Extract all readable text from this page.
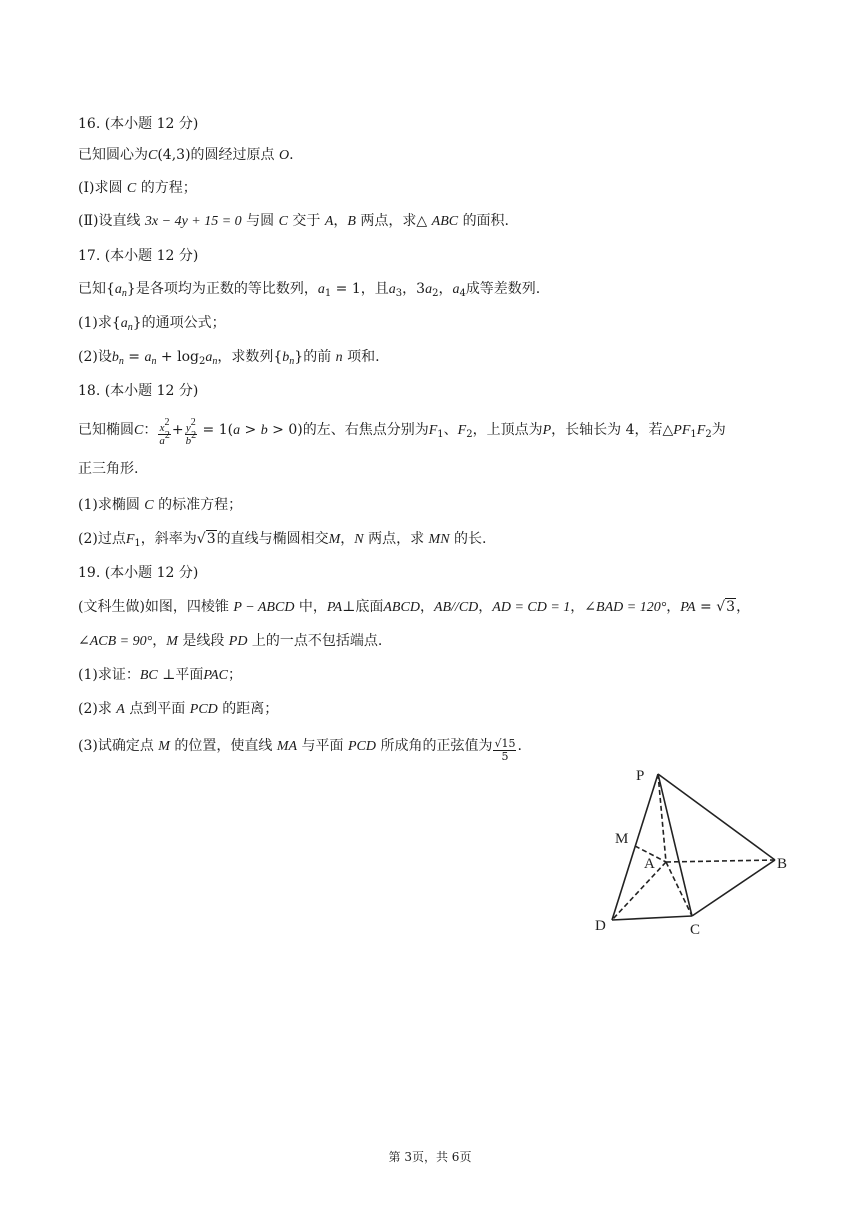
16. (本小题 12 分)
已知圆心为C(4,3)的圆经过原点 O.
(Ⅰ)求圆 C 的方程；
(Ⅱ)设直线 3x − 4y + 15 = 0 与圆 C 交于 A，B 两点，求△ ABC 的面积.
17. (本小题 12 分)
已知$\{a_n\}$是各项均为正数的等比数列，$a_1 = 1$，且$a_3$，$3a_2$，$a_4$成等差数列.
(1)求$\{a_n\}$的通项公式；
(2)设$b_n = a_n + \log_2a_n$，求数列$\{b_n\}$的前 n 项和.
18. (本小题 12 分)
已知椭圆C： $\frac{x^2}{a^2} + \frac{y^2}{b^2} = 1(a > b > 0)$的左、右焦点分别为$F_1$、$F_2$，上顶点为P，长轴长为 4，若$\triangle PF_1F_2$为
正三角形.
(1)求椭圆 C 的标准方程；
(2)过点$F_1$，斜率为√3的直线与椭圆相交M，N 两点，求 MN 的长.
19. (本小题 12 分)
(文科生做)如图，四棱锥 P − ABCD 中，PA⊥底面ABCD，AB//CD，AD = CD = 1，∠BAD = 120°，PA = √3，
∠ACB = 90°，M 是线段 PD 上的一点不包括端点.
(1)求证：BC ⊥平面PAC；
(2)求 A 点到平面 PCD 的距离；
(3)试确定点 M 的位置，使直线 MA 与平面 PCD 所成角的正弦值为 $\frac{√15}{5}$ .
P
M
A	B
C
D
第 3页，共 6页
